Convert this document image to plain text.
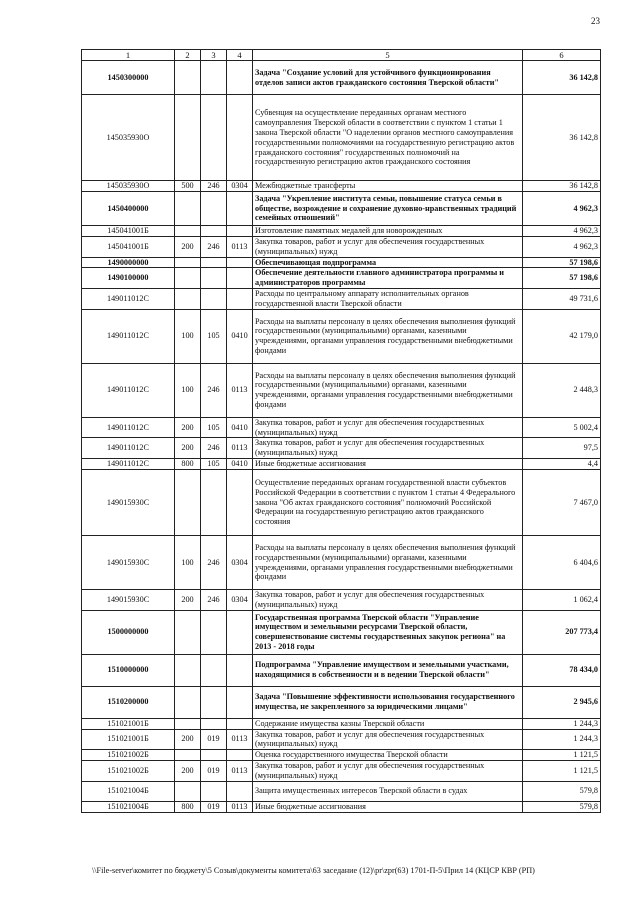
23
1	2	3	4	5	6
1450300000				Задача "Создание условий для устойчивого функционирования отделов записи актов гражданского состояния Тверской области"	36 142,8
145035930О				Субвенция на осуществление переданных органам местного самоуправления Тверской области в соответствии с пунктом 1 статьи 1 закона Тверской области "О наделении органов местного самоуправления государственными полномочиями на государственную регистрацию актов гражданского состояния" государственных полномочий на государственную регистрацию актов гражданского состояния	36 142,8
145035930О	500	246	0304	Межбюджетные трансферты	36 142,8
1450400000				Задача "Укрепление института семьи, повышение статуса семьи в обществе, возрождение и сохранение духовно-нравственных традиций семейных отношений"	4 962,3
145041001Б				Изготовление памятных медалей для новорожденных	4 962,3
145041001Б	200	246	0113	Закупка товаров, работ и услуг для обеспечения государственных (муниципальных) нужд	4 962,3
1490000000				Обеспечивающая подпрограмма	57 198,6
1490100000				Обеспечение деятельности главного администратора программы и администраторов программы	57 198,6
149011012С				Расходы по центральному аппарату исполнительных органов государственной власти Тверской области	49 731,6
149011012С	100	105	0410	Расходы на выплаты персоналу в целях обеспечения выполнения функций государственными (муниципальными) органами, казенными учреждениями, органами управления государственными внебюджетными фондами	42 179,0
149011012С	100	246	0113	Расходы на выплаты персоналу в целях обеспечения выполнения функций государственными (муниципальными) органами, казенными учреждениями, органами управления государственными внебюджетными фондами	2 448,3
149011012С	200	105	0410	Закупка товаров, работ и услуг для обеспечения государственных (муниципальных) нужд	5 002,4
149011012С	200	246	0113	Закупка товаров, работ и услуг для обеспечения государственных (муниципальных) нужд	97,5
149011012С	800	105	0410	Иные бюджетные ассигнования	4,4
149015930С				Осуществление переданных органам государственной власти субъектов Российской Федерации в соответствии с пунктом 1 статьи 4 Федерального закона "Об актах гражданского состояния" полномочий Российской Федерации на государственную регистрацию актов гражданского состояния	7 467,0
149015930С	100	246	0304	Расходы на выплаты персоналу в целях обеспечения выполнения функций государственными (муниципальными) органами, казенными учреждениями, органами управления государственными внебюджетными фондами	6 404,6
149015930С	200	246	0304	Закупка товаров, работ и услуг для обеспечения государственных (муниципальных) нужд	1 062,4
1500000000				Государственная программа Тверской области "Управление имуществом и земельными ресурсами Тверской области, совершенствование системы государственных закупок региона" на 2013 - 2018 годы	207 773,4
1510000000				Подпрограмма "Управление имуществом и земельными участками, находящимися в собственности и в ведении Тверской области"	78 434,0
1510200000				Задача "Повышение эффективности использования государственного имущества, не закрепленного за юридическими лицами"	2 945,6
151021001Б				Содержание имущества казны Тверской области	1 244,3
151021001Б	200	019	0113	Закупка товаров, работ и услуг для обеспечения государственных (муниципальных) нужд	1 244,3
151021002Б				Оценка государственного имущества Тверской области	1 121,5
151021002Б	200	019	0113	Закупка товаров, работ и услуг для обеспечения государственных (муниципальных) нужд	1 121,5
151021004Б				Защита имущественных интересов Тверской области в судах	579,8
151021004Б	800	019	0113	Иные бюджетные ассигнования	579,8
\\File-server\комитет по бюджету\5 Созыв\документы комитета\63 заседание (12)\pr\zpr(63) 1701-П-5\Прил 14 (КЦСР КВР (РП)
